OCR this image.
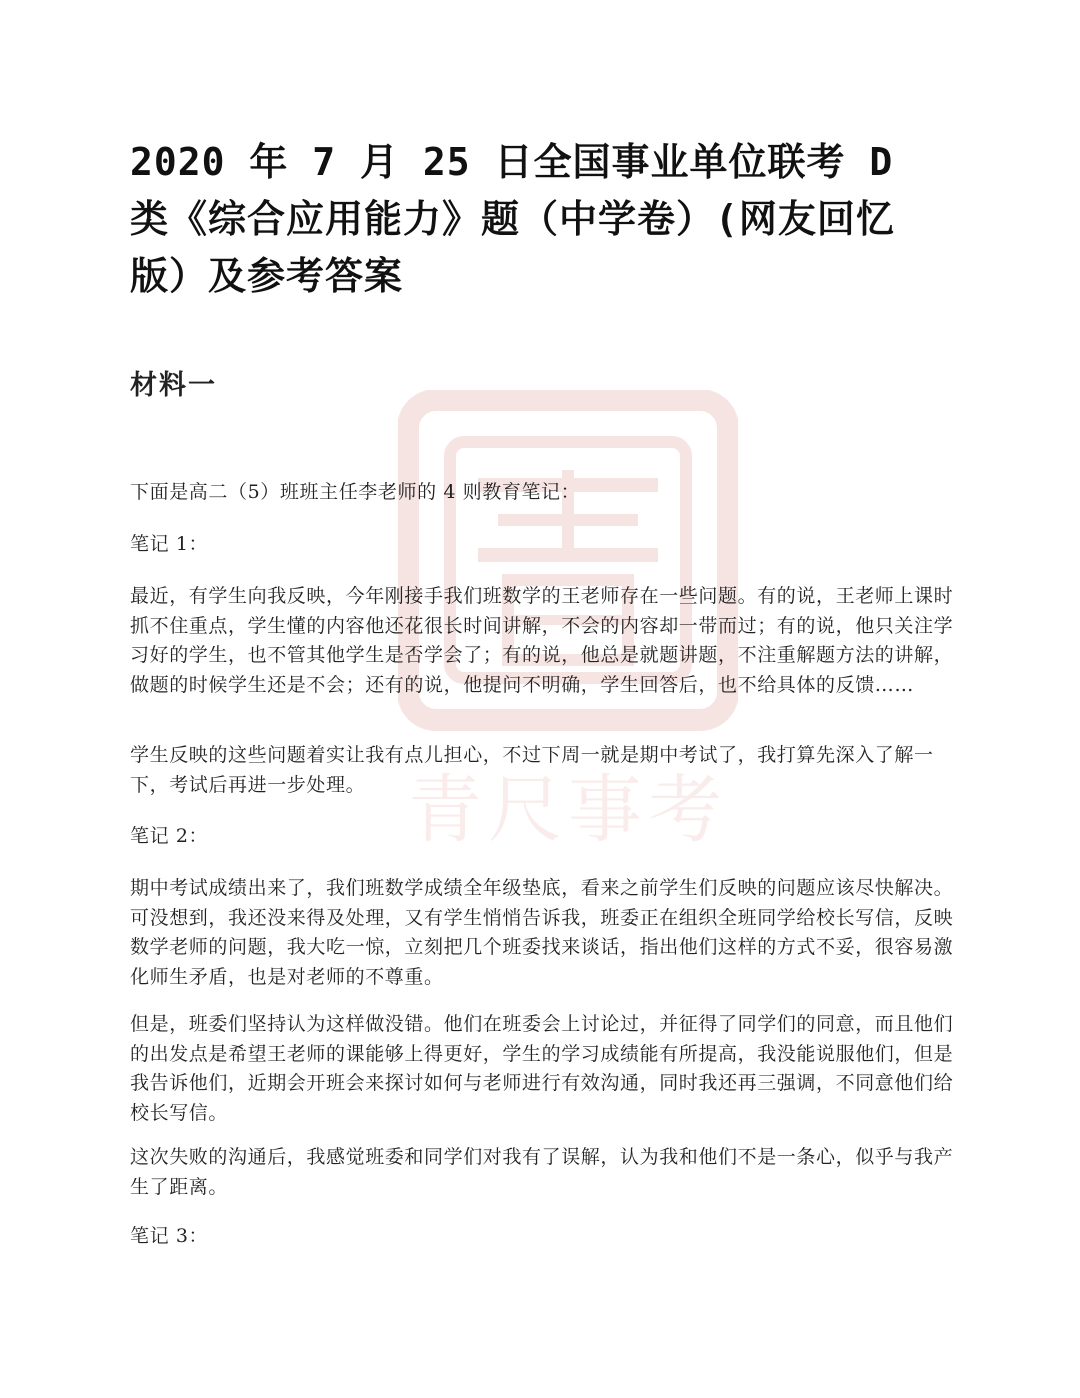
青尺事考
2020 年 7 月 25 日全国事业单位联考 D 类《综合应用能力》题（中学卷）(网友回忆版）及参考答案
材料一

下面是高二（5）班班主任李老师的 4 则教育笔记：

笔记 1：

最近，有学生向我反映，今年刚接手我们班数学的王老师存在一些问题。有的说，王老师上课时抓不住重点，学生懂的内容他还花很长时间讲解，不会的内容却一带而过；有的说，他只关注学习好的学生，也不管其他学生是否学会了；有的说，他总是就题讲题，不注重解题方法的讲解，做题的时候学生还是不会；还有的说，他提问不明确，学生回答后，也不给具体的反馈……

学生反映的这些问题着实让我有点儿担心，不过下周一就是期中考试了，我打算先深入了解一下，考试后再进一步处理。

笔记 2：

期中考试成绩出来了，我们班数学成绩全年级垫底，看来之前学生们反映的问题应该尽快解决。可没想到，我还没来得及处理，又有学生悄悄告诉我，班委正在组织全班同学给校长写信，反映数学老师的问题，我大吃一惊，立刻把几个班委找来谈话，指出他们这样的方式不妥，很容易激化师生矛盾，也是对老师的不尊重。

但是，班委们坚持认为这样做没错。他们在班委会上讨论过，并征得了同学们的同意，而且他们的出发点是希望王老师的课能够上得更好，学生的学习成绩能有所提高，我没能说服他们，但是我告诉他们，近期会开班会来探讨如何与老师进行有效沟通，同时我还再三强调，不同意他们给校长写信。

这次失败的沟通后，我感觉班委和同学们对我有了误解，认为我和他们不是一条心，似乎与我产生了距离。

笔记 3：
